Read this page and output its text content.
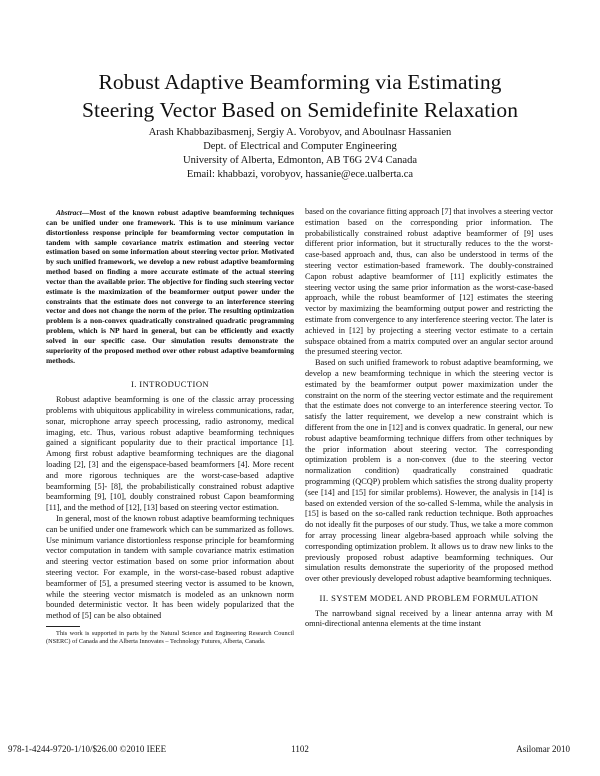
Robust Adaptive Beamforming via Estimating
Steering Vector Based on Semidefinite Relaxation
Arash Khabbazibasmenj, Sergiy A. Vorobyov, and Aboulnasr Hassanien
Dept. of Electrical and Computer Engineering
University of Alberta, Edmonton, AB T6G 2V4 Canada
Email: khabbazi, vorobyov, hassanie@ece.ualberta.ca

Abstract—Most of the known robust adaptive beamforming techniques can be unified under one framework. This is to use minimum variance distortionless response principle for beamforming vector computation in tandem with sample covariance matrix estimation and steering vector estimation based on some information about steering vector prior. Motivated by such unified framework, we develop a new robust adaptive beamforming method based on finding a more accurate estimate of the actual steering vector than the available prior. The objective for finding such steering vector estimate is the maximization of the beamformer output power under the constraints that the estimate does not converge to an interference steering vector and does not change the norm of the prior. The resulting optimization problem is a non-convex quadratically constrained quadratic programming problem, which is NP hard in general, but can be efficiently and exactly solved in our specific case. Our simulation results demonstrate the superiority of the proposed method over other robust adaptive beamforming methods.

I. INTRODUCTION

Robust adaptive beamforming is one of the classic array processing problems with ubiquitous applicability in wireless communications, radar, sonar, microphone array speech processing, radio astronomy, medical imaging, etc. Thus, various robust adaptive beamforming techniques gained a significant popularity due to their practical importance [1]. Among first robust adaptive beamforming techniques are the diagonal loading [2], [3] and the eigenspace-based beamformers [4]. More recent and more rigorous techniques are the worst-case-based adaptive beamforming [5]- [8], the probabilistically constrained robust adaptive beamforming [9], [10], doubly constrained robust Capon beamforming [11], and the method of [12], [13] based on steering vector estimation.

In general, most of the known robust adaptive beamforming techniques can be unified under one framework which can be summarized as follows. Use minimum variance distortionless response principle for beamforming vector computation in tandem with sample covariance matrix estimation and steering vector estimation based on some prior information about steering vector. For example, in the worst-case-based robust adaptive beamformer of [5], a presumed steering vector is assumed to be known, while the steering vector mismatch is modeled as an unknown norm bounded deterministic vector. It has been widely popularized that the method of [5] can be also obtained

This work is supported in parts by the Natural Science and Engineering Research Council (NSERC) of Canada and the Alberta Innovates – Technology Futures, Alberta, Canada.

based on the covariance fitting approach [7] that involves a steering vector estimation based on the corresponding prior information. The probabilistically constrained robust adaptive beamformer of [9] uses different prior information, but it structurally reduces to the the worst-case-based approach and, thus, can also be understood in terms of the steering vector estimation-based framework. The doubly-constrained Capon robust adaptive beamformer of [11] explicitly estimates the steering vector using the same prior information as the worst-case-based approach, while the robust beamformer of [12] estimates the steering vector by maximizing the beamforming output power and restricting the estimate from convergence to any interference steering vector. The later is achieved in [12] by projecting a steering vector estimate to a certain subspace obtained from a matrix computed over an angular sector around the presumed steering vector.

Based on such unified framework to robust adaptive beamforming, we develop a new beamforming technique in which the steering vector is estimated by the beamformer output power maximization under the constraint on the norm of the steering vector estimate and the requirement that the estimate does not converge to an interference steering vector. To satisfy the latter requirement, we develop a new constraint which is different from the one in [12] and is convex quadratic. In general, our new robust adaptive beamforming technique differs from other techniques by the prior information about steering vector. The corresponding optimization problem is a non-convex (due to the steering vector normalization condition) quadratically constrained quadratic programming (QCQP) problem which satisfies the strong duality property (see [14] and [15] for similar problems). However, the analysis in [14] is based on extended version of the so-called S-lemma, while the analysis in [15] is based on the so-called rank reduction technique. Both approaches do not ideally fit the purposes of our study. Thus, we take a more common for array processing linear algebra-based approach while solving the corresponding optimization problem. It allows us to draw new links to the previously proposed robust adaptive beamforming techniques. Our simulation results demonstrate the superiority of the proposed method over other previously developed robust adaptive beamforming techniques.

II. SYSTEM MODEL AND PROBLEM FORMULATION

The narrowband signal received by a linear antenna array with M omni-directional antenna elements at the time instant

978-1-4244-9720-1/10/$26.00 ©2010 IEEE	1102	Asilomar 2010
